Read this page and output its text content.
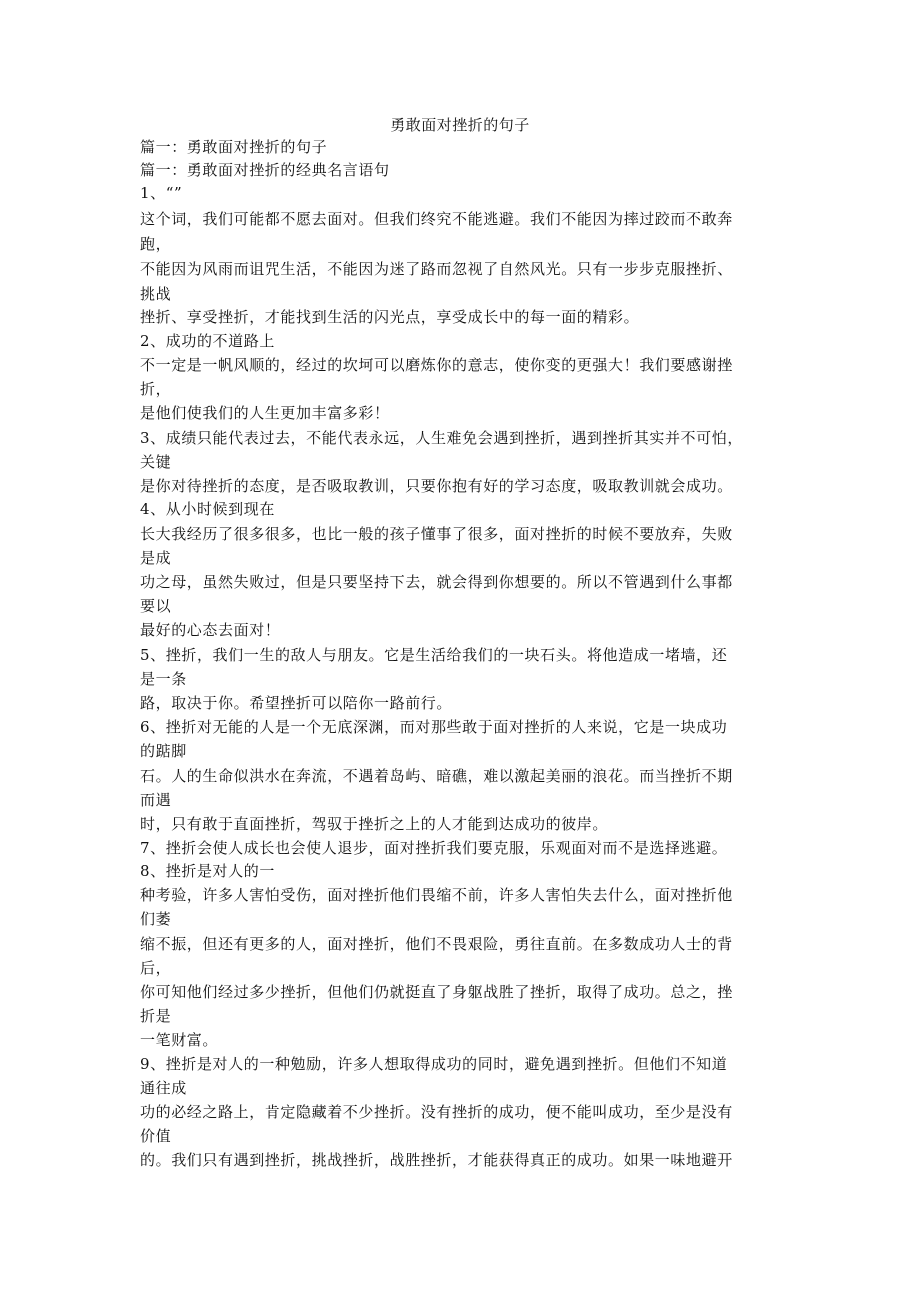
勇敢面对挫折的句子
篇一：勇敢面对挫折的句子
篇一：勇敢面对挫折的经典名言语句
1、“”
这个词，我们可能都不愿去面对。但我们终究不能逃避。我们不能因为摔过跤而不敢奔
跑，
不能因为风雨而诅咒生活，不能因为迷了路而忽视了自然风光。只有一步步克服挫折、
挑战
挫折、享受挫折，才能找到生活的闪光点，享受成长中的每一面的精彩。
2、成功的不道路上
不一定是一帆风顺的，经过的坎坷可以磨炼你的意志，使你变的更强大！我们要感谢挫
折，
是他们使我们的人生更加丰富多彩！
3、成绩只能代表过去，不能代表永远，人生难免会遇到挫折，遇到挫折其实并不可怕，
关键
是你对待挫折的态度，是否吸取教训，只要你抱有好的学习态度，吸取教训就会成功。
4、从小时候到现在
长大我经历了很多很多，也比一般的孩子懂事了很多，面对挫折的时候不要放弃，失败
是成
功之母，虽然失败过，但是只要坚持下去，就会得到你想要的。所以不管遇到什么事都
要以
最好的心态去面对！
5、挫折，我们一生的敌人与朋友。它是生活给我们的一块石头。将他造成一堵墙，还
是一条
路，取决于你。希望挫折可以陪你一路前行。
6、挫折对无能的人是一个无底深渊，而对那些敢于面对挫折的人来说，它是一块成功
的踮脚
石。人的生命似洪水在奔流，不遇着岛屿、暗礁，难以激起美丽的浪花。而当挫折不期
而遇
时，只有敢于直面挫折，驾驭于挫折之上的人才能到达成功的彼岸。
7、挫折会使人成长也会使人退步，面对挫折我们要克服，乐观面对而不是选择逃避。
8、挫折是对人的一
种考验，许多人害怕受伤，面对挫折他们畏缩不前，许多人害怕失去什么，面对挫折他
们萎
缩不振，但还有更多的人，面对挫折，他们不畏艰险，勇往直前。在多数成功人士的背
后，
你可知他们经过多少挫折，但他们仍就挺直了身躯战胜了挫折，取得了成功。总之，挫
折是
一笔财富。
9、挫折是对人的一种勉励，许多人想取得成功的同时，避免遇到挫折。但他们不知道
通往成
功的必经之路上，肯定隐藏着不少挫折。没有挫折的成功，便不能叫成功，至少是没有
价值
的。我们只有遇到挫折，挑战挫折，战胜挫折，才能获得真正的成功。如果一味地避开
